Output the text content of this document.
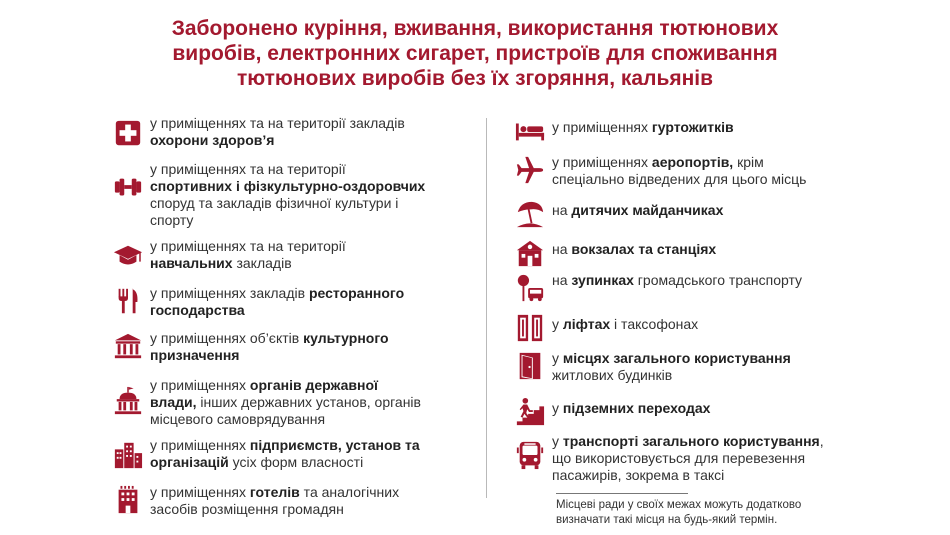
Заборонено куріння, вживання, використання тютюнових
виробів, електронних сигарет, пристроїв для споживання
тютюнових виробів без їх згоряння, кальянів
у приміщеннях та на території закладів
охорони здоров’я
у приміщеннях та на території
спортивних і фізкультурно-оздоровчих
споруд та закладів фізичної культури і
спорту
у приміщеннях та на території
навчальних закладів
у приміщеннях закладів ресторанного
господарства
у приміщеннях об’єктів культурного
призначення
у приміщеннях органів державної
влади, інших державних установ, органів
місцевого самоврядування
у приміщеннях підприємств, установ та
організацій усіх форм власності
у приміщеннях готелів та аналогічних
засобів розміщення громадян
у приміщеннях гуртожитків
у приміщеннях аеропортів, крім
спеціально відведених для цього місць
на дитячих майданчиках
на вокзалах та станціях
на зупинках громадського транспорту
у ліфтах і таксофонах
у місцях загального користування
житлових будинків
у підземних переходах
у транспорті загального користування,
що використовується для перевезення
пасажирів, зокрема в таксі
Місцеві ради у своїх межах можуть додатково
визначати такі місця на будь-який термін.
